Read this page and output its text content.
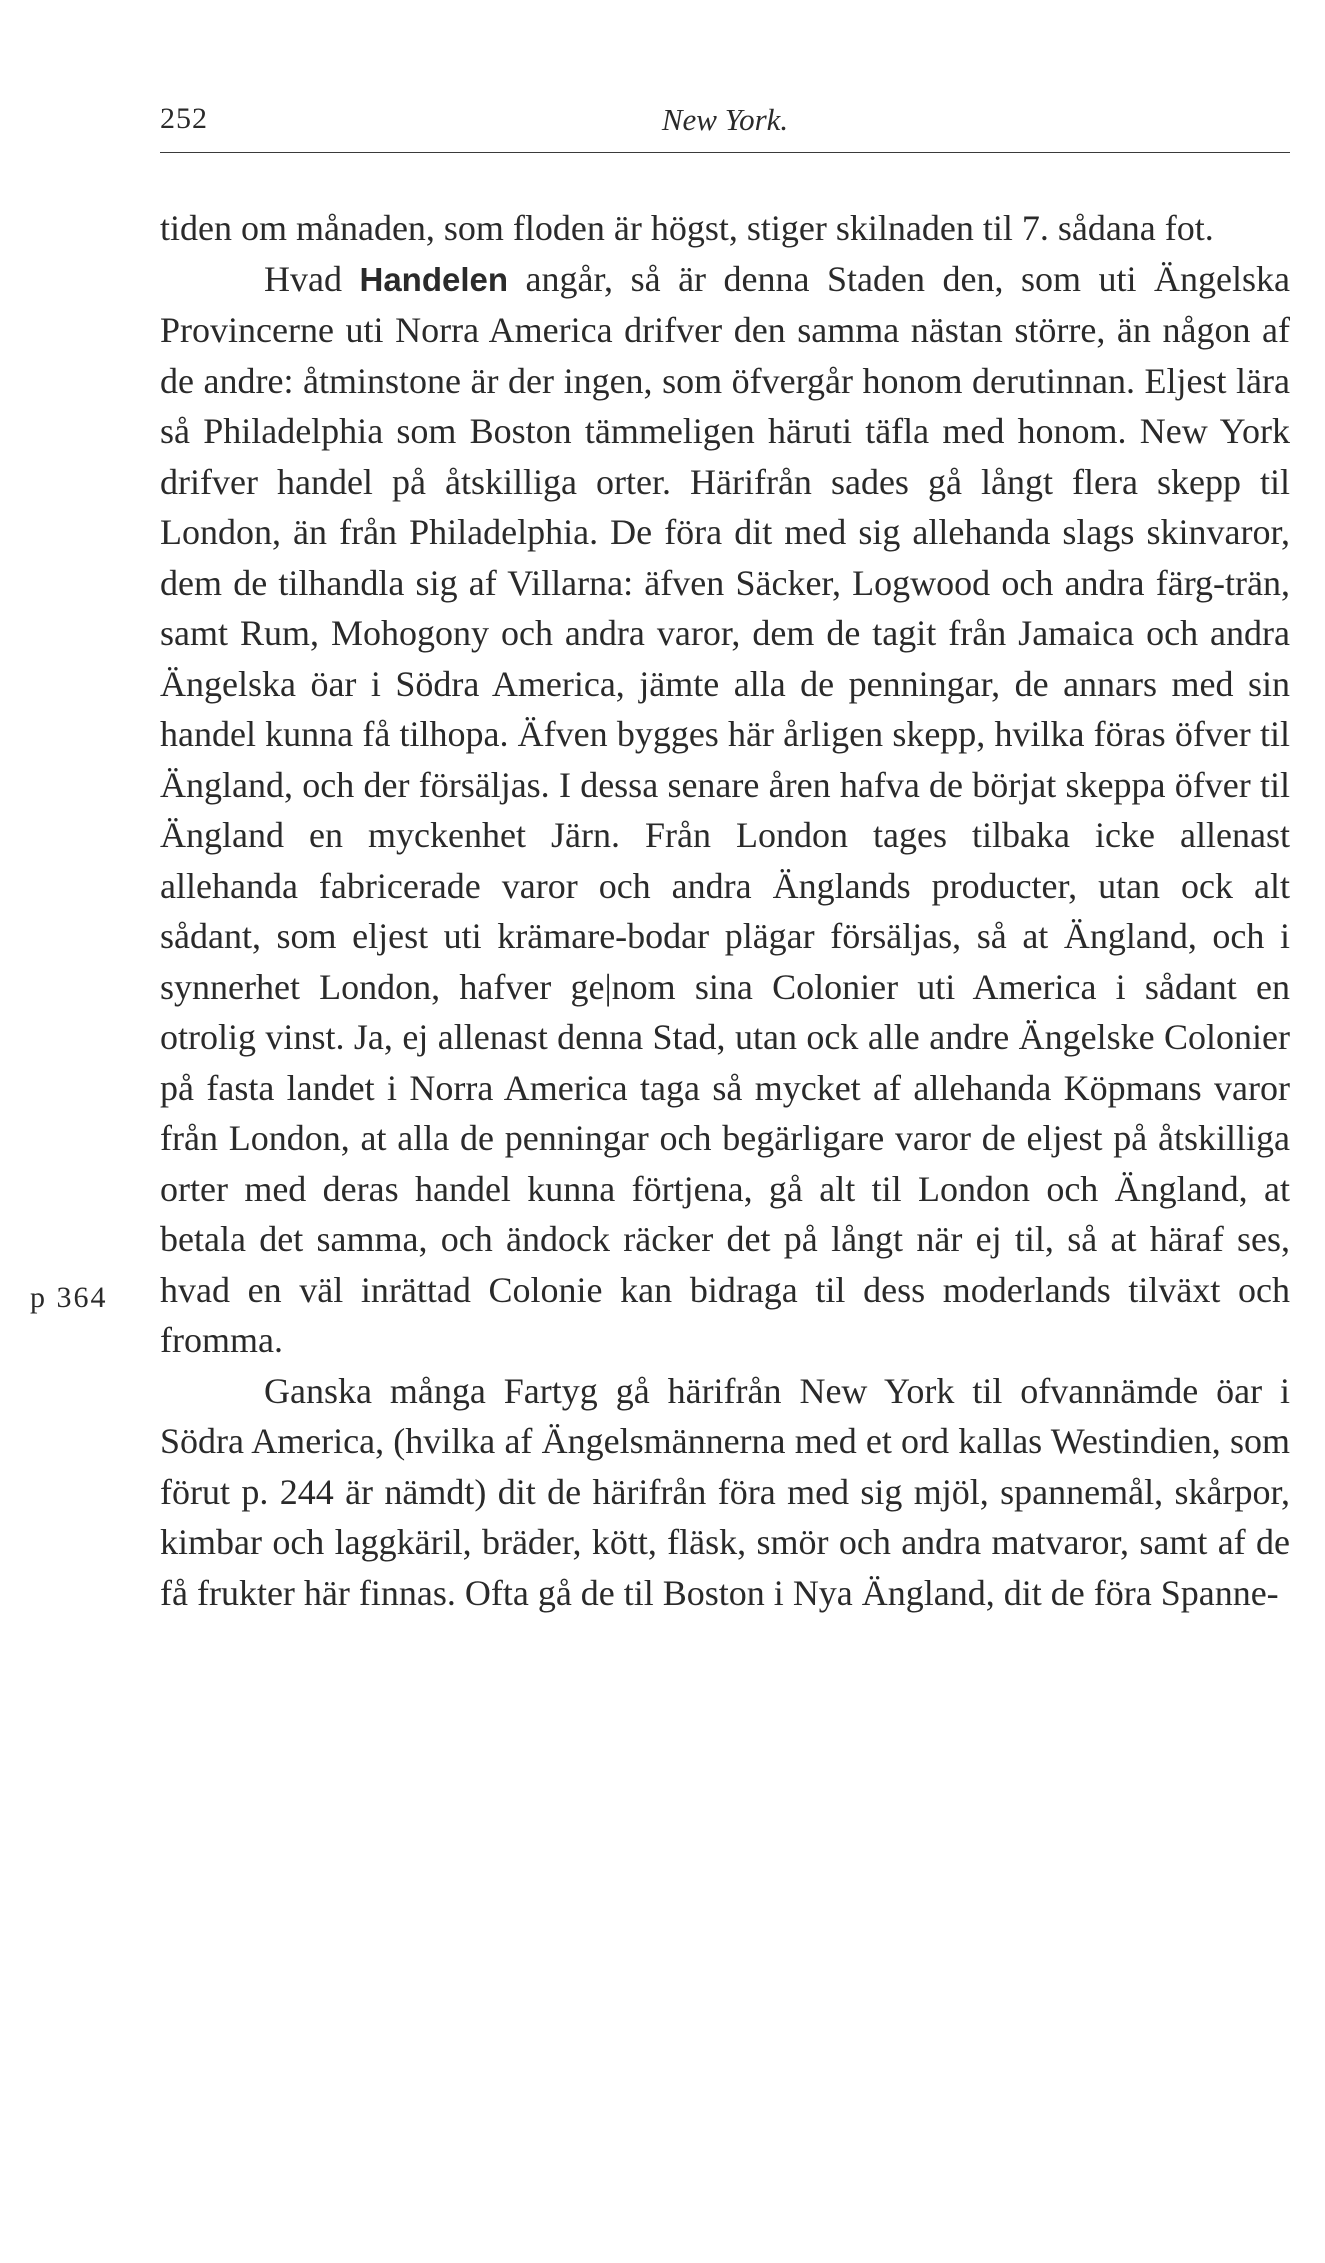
252	New York.
p 364

tiden om månaden, som floden är högst, stiger skilnaden til 7. sådana fot.

Hvad Handelen angår, så är denna Staden den, som uti Ängelska Provincerne uti Norra America drifver den samma nästan större, än någon af de andre: åtminstone är der ingen, som öfvergår honom derutinnan. Eljest lära så Philadelphia som Boston tämmeligen häruti täfla med honom. New York drifver handel på åtskilliga orter. Härifrån sades gå långt flera skepp til London, än från Philadelphia. De föra dit med sig allehanda slags skinvaror, dem de tilhandla sig af Villarna: äfven Säcker, Logwood och andra färg-trän, samt Rum, Mohogony och andra varor, dem de tagit från Jamaica och andra Ängelska öar i Södra America, jämte alla de penningar, de annars med sin handel kunna få tilhopa. Äfven bygges här årligen skepp, hvilka föras öfver til Ängland, och der försäljas. I dessa senare åren hafva de börjat skeppa öfver til Ängland en myckenhet Järn. Från London tages tilbaka icke allenast allehanda fabricerade varor och andra Änglands producter, utan ock alt sådant, som eljest uti krämare-bodar plägar försäljas, så at Ängland, och i synnerhet London, hafver ge|nom sina Colonier uti America i sådant en otrolig vinst. Ja, ej allenast denna Stad, utan ock alle andre Ängelske Colonier på fasta landet i Norra America taga så mycket af allehanda Köpmans varor från London, at alla de penningar och begärligare varor de eljest på åtskilliga orter med deras handel kunna förtjena, gå alt til London och Ängland, at betala det samma, och ändock räcker det på långt när ej til, så at häraf ses, hvad en väl inrättad Colonie kan bidraga til dess moderlands tilväxt och fromma.

Ganska många Fartyg gå härifrån New York til ofvannämde öar i Södra America, (hvilka af Ängelsmännerna med et ord kallas Westindien, som förut p. 244 är nämdt) dit de härifrån föra med sig mjöl, spannemål, skårpor, kimbar och laggkäril, bräder, kött, fläsk, smör och andra matvaror, samt af de få frukter här finnas. Ofta gå de til Boston i Nya Ängland, dit de föra Spanne-
